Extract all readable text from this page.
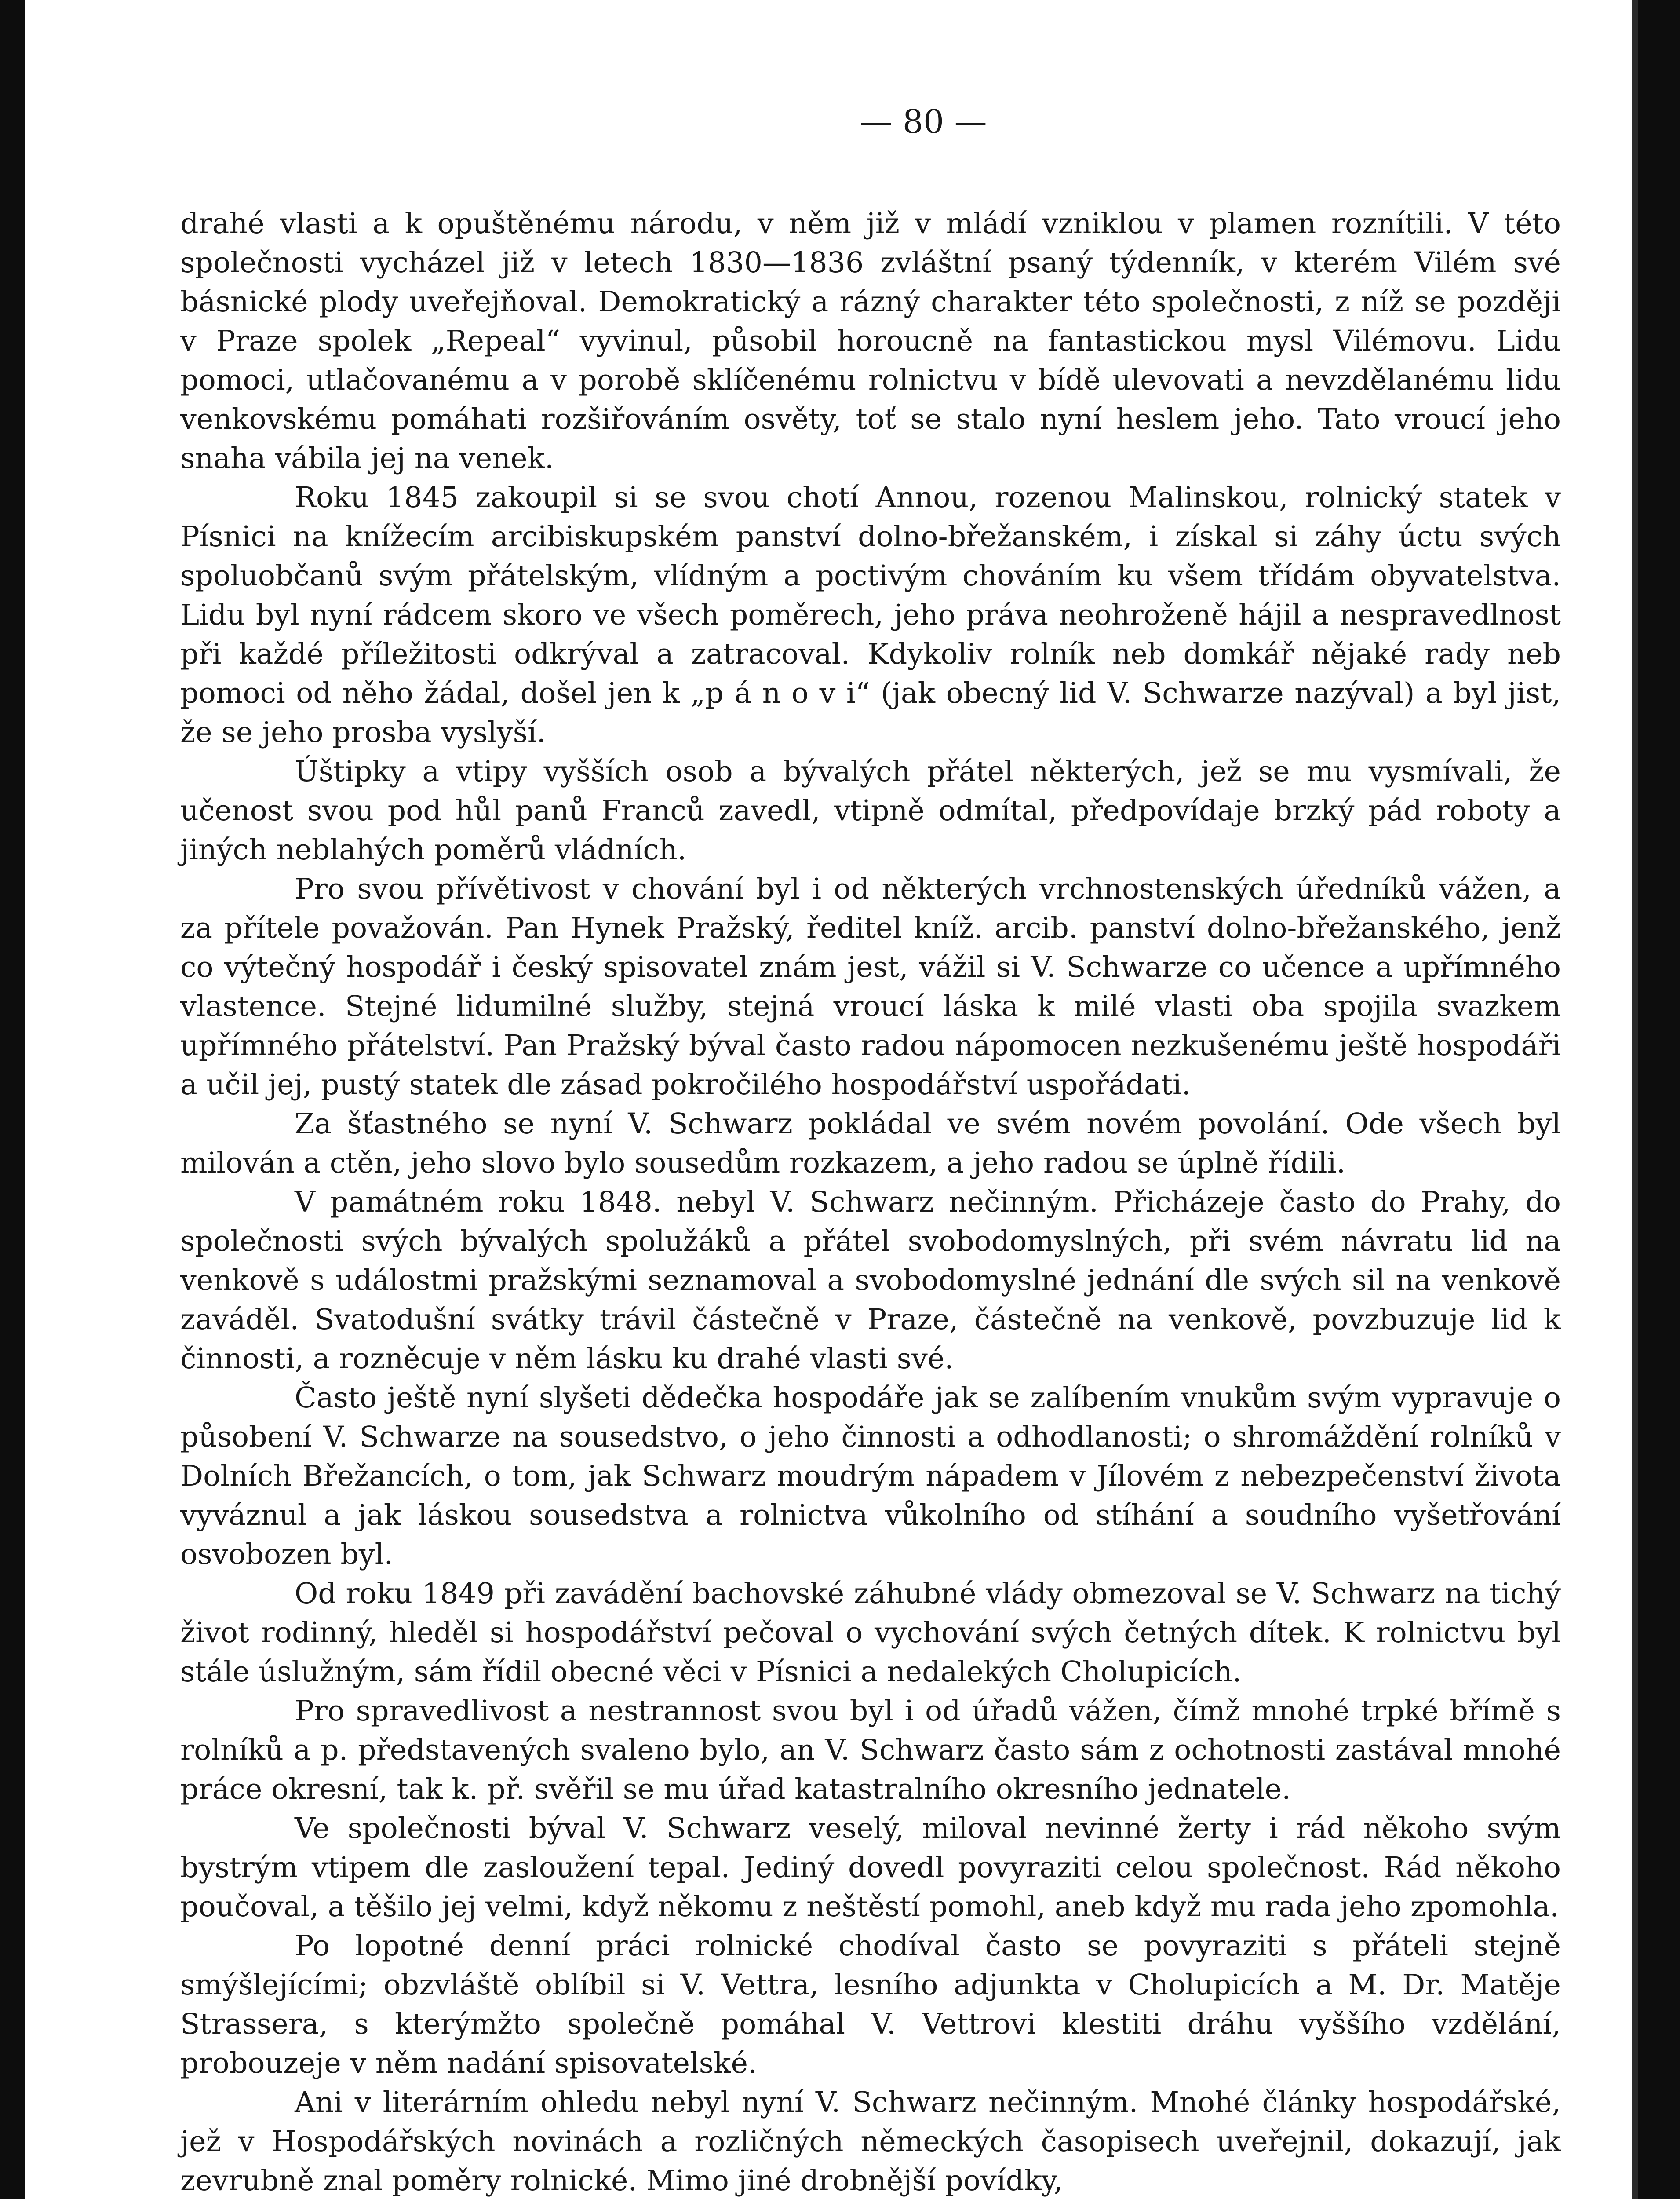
— 80 —

drahé vlasti a k opuštěnému národu, v něm již v mládí vzniklou v plamen roznítili. V této společnosti vycházel již v letech 1830—1836 zvláštní psaný týdenník, v kterém Vilém své básnické plody uveřejňoval. Demokratický a rázný charakter této společnosti, z níž se později v Praze spolek „Repeal“ vyvinul, působil horoucně na fantastickou mysl Vilémovu. Lidu pomoci, utlačovanému a v porobě sklíčenému rolnictvu v bídě ulevovati a nevzdělanému lidu venkovskému pomáhati rozšiřováním osvěty, toť se stalo nyní heslem jeho. Tato vroucí jeho snaha vábila jej na venek.

Roku 1845 zakoupil si se svou chotí Annou, rozenou Malinskou, rolnický statek v Písnici na knížecím arcibiskupském panství dolno-břežanském, i získal si záhy úctu svých spoluobčanů svým přátelským, vlídným a poctivým chováním ku všem třídám obyvatelstva. Lidu byl nyní rádcem skoro ve všech poměrech, jeho práva neohroženě hájil a nespravedlnost při každé příležitosti odkrýval a zatracoval. Kdykoliv rolník neb domkář nějaké rady neb pomoci od něho žádal, došel jen k „p á n o v i“ (jak obecný lid V. Schwarze nazýval) a byl jist, že se jeho prosba vyslyší.

Úštipky a vtipy vyšších osob a bývalých přátel některých, jež se mu vysmívali, že učenost svou pod hůl panů Franců zavedl, vtipně odmítal, předpovídaje brzký pád roboty a jiných neblahých poměrů vládních.

Pro svou přívětivost v chování byl i od některých vrchnostenských úředníků vážen, a za přítele považován. Pan Hynek Pražský, ředitel kníž. arcib. panství dolno-břežanského, jenž co výtečný hospodář i český spisovatel znám jest, vážil si V. Schwarze co učence a upřímného vlastence. Stejné lidumilné služby, stejná vroucí láska k milé vlasti oba spojila svazkem upřímného přátelství. Pan Pražský býval často radou nápomocen nezkušenému ještě hospodáři a učil jej, pustý statek dle zásad pokročilého hospodářství uspořádati.

Za šťastného se nyní V. Schwarz pokládal ve svém novém povolání. Ode všech byl milován a ctěn, jeho slovo bylo sousedům rozkazem, a jeho radou se úplně řídili.

V památném roku 1848. nebyl V. Schwarz nečinným. Přicházeje často do Prahy, do společnosti svých bývalých spolužáků a přátel svobodomyslných, při svém návratu lid na venkově s událostmi pražskými seznamoval a svobodomyslné jednání dle svých sil na venkově zaváděl. Svatodušní svátky trávil částečně v Praze, částečně na venkově, povzbuzuje lid k činnosti, a rozněcuje v něm lásku ku drahé vlasti své.

Často ještě nyní slyšeti dědečka hospodáře jak se zalíbením vnukům svým vypravuje o působení V. Schwarze na sousedstvo, o jeho činnosti a odhodlanosti; o shromáždění rolníků v Dolních Břežancích, o tom, jak Schwarz moudrým nápadem v Jílovém z nebezpečenství života vyváznul a jak láskou sousedstva a rolnictva vůkolního od stíhání a soudního vyšetřování osvobozen byl.

Od roku 1849 při zavádění bachovské záhubné vlády obmezoval se V. Schwarz na tichý život rodinný, hleděl si hospodářství pečoval o vychování svých četných dítek. K rolnictvu byl stále úslužným, sám řídil obecné věci v Písnici a nedalekých Cholupicích.

Pro spravedlivost a nestrannost svou byl i od úřadů vážen, čímž mnohé trpké břímě s rolníků a p. představených svaleno bylo, an V. Schwarz často sám z ochotnosti zastával mnohé práce okresní, tak k. př. svěřil se mu úřad katastralního okresního jednatele.

Ve společnosti býval V. Schwarz veselý, miloval nevinné žerty i rád někoho svým bystrým vtipem dle zasloužení tepal. Jediný dovedl povyraziti celou společnost. Rád někoho poučoval, a těšilo jej velmi, když někomu z neštěstí pomohl, aneb když mu rada jeho zpomohla.

Po lopotné denní práci rolnické chodíval často se povyraziti s přáteli stejně smýšlejícími; obzvláště oblíbil si V. Vettra, lesního adjunkta v Cholupicích a M. Dr. Matěje Strassera, s kterýmžto společně pomáhal V. Vettrovi klestiti dráhu vyššího vzdělání, probouzeje v něm nadání spisovatelské.

Ani v literárním ohledu nebyl nyní V. Schwarz nečinným. Mnohé články hospodářské, jež v Hospodářských novinách a rozličných německých časopisech uveřejnil, dokazují, jak zevrubně znal poměry rolnické. Mimo jiné drobnější povídky,
